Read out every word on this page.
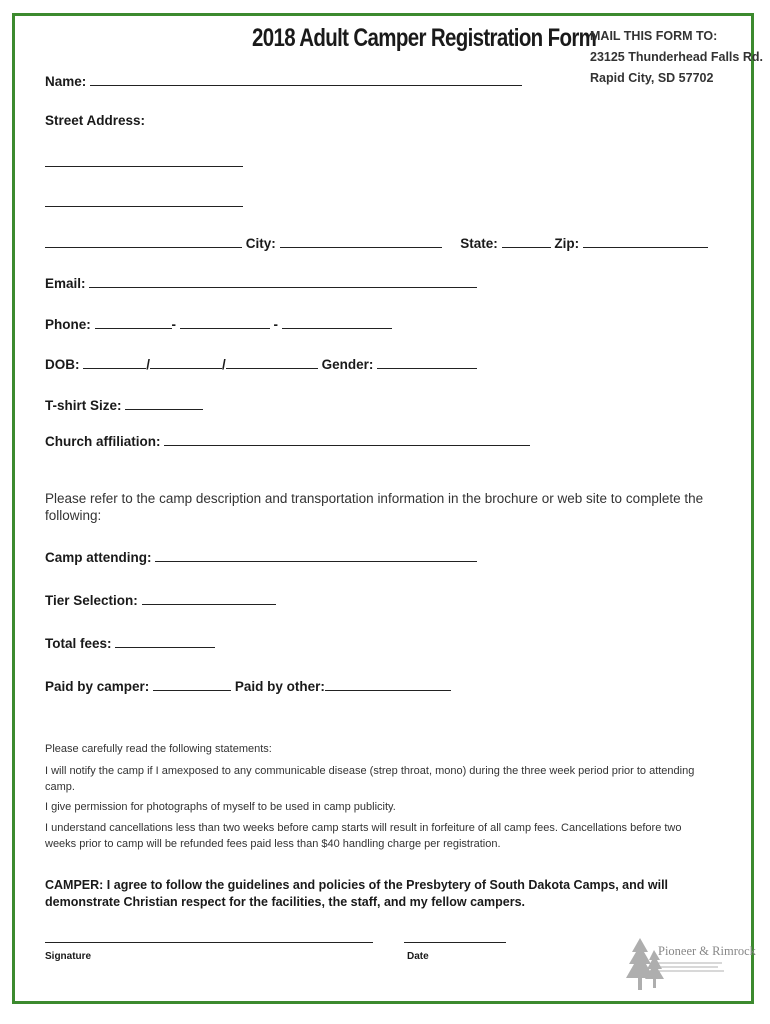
2018 Adult Camper Registration Form
MAIL THIS FORM TO:
23125 Thunderhead Falls Rd.
Rapid City, SD 57702
Name:
Street Address:
City:	State:	Zip:
Email:
Phone:	-	-
DOB:	/	/	Gender:
T-shirt Size:
Church affiliation:
Please refer to the camp description and transportation information in the brochure or web site to complete the following:
Camp attending:
Tier Selection:
Total fees:
Paid by camper:	Paid by other:
Please carefully read the following statements:
I will notify the camp if I amexposed to any communicable disease (strep throat, mono) during the three week period prior to attending camp.
I give permission for photographs of myself to be used in camp publicity.
I understand cancellations less than two weeks before camp starts will result in forfeiture of all camp fees. Cancellations before two weeks prior to camp will be refunded fees paid less than $40 handling charge per registration.
CAMPER: I agree to follow the guidelines and policies of the Presbytery of South Dakota Camps, and will demonstrate Christian respect for the facilities, the staff, and my fellow campers.
Signature	Date	Pioneer & Rimrock
